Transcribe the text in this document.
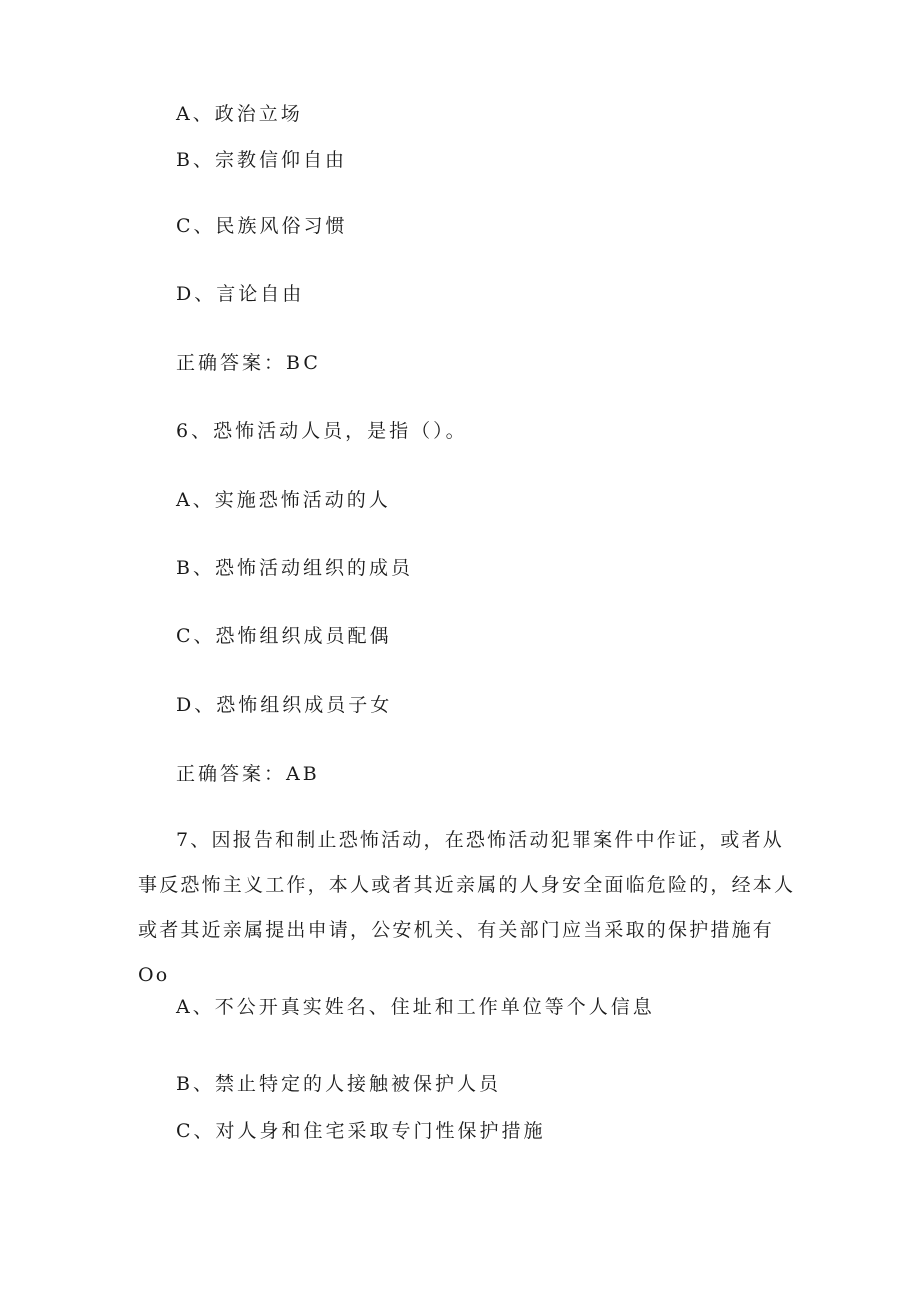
A、政治立场
B、宗教信仰自由
C、民族风俗习惯
D、言论自由
正确答案：BC
6、恐怖活动人员，是指（）。
A、实施恐怖活动的人
B、恐怖活动组织的成员
C、恐怖组织成员配偶
D、恐怖组织成员子女
正确答案：AB
7、因报告和制止恐怖活动，在恐怖活动犯罪案件中作证，或者从事反恐怖主义工作，本人或者其近亲属的人身安全面临危险的，经本人或者其近亲属提出申请，公安机关、有关部门应当采取的保护措施有Oo
A、不公开真实姓名、住址和工作单位等个人信息
B、禁止特定的人接触被保护人员
C、对人身和住宅采取专门性保护措施
